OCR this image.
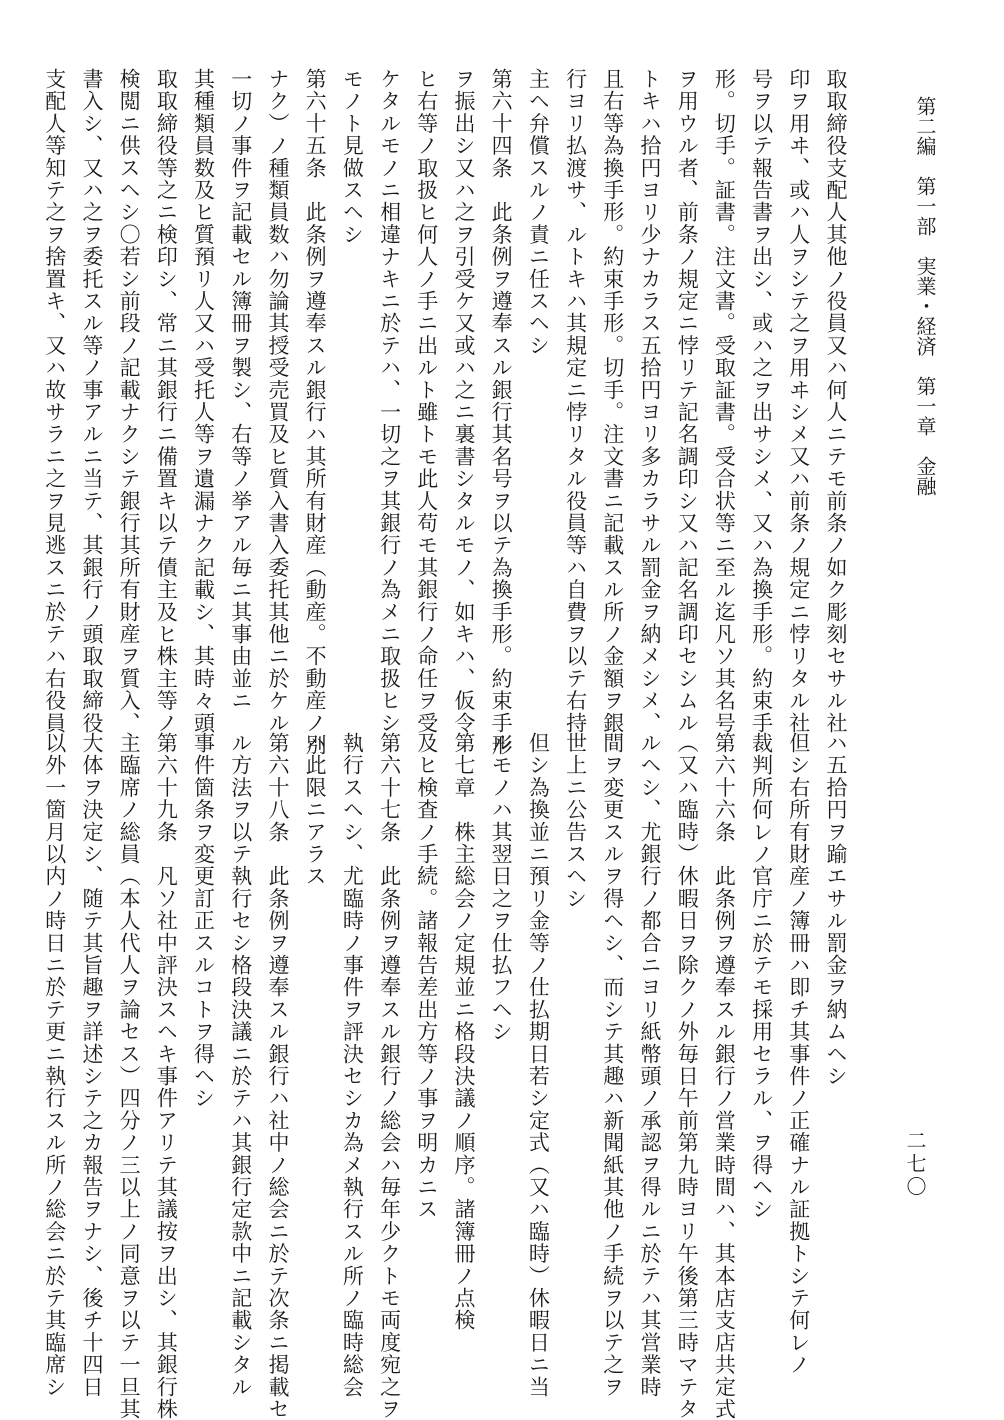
第二編　第一部　実業・経済　第一章　金融
二七〇
取取締役支配人其他ノ役員又ハ何人ニテモ前条ノ如ク彫刻セサル社
印ヲ用ヰ、或ハ人ヲシテ之ヲ用ヰシメ又ハ前条ノ規定ニ悖リタル社
号ヲ以テ報告書ヲ出シ、或ハ之ヲ出サシメ、又ハ為換手形。約束手
形。切手。証書。注文書。受取証書。受合状等ニ至ル迄凡ソ其名号
ヲ用ウル者、前条ノ規定ニ悖リテ記名調印シ又ハ記名調印セシムル
トキハ拾円ヨリ少ナカラス五拾円ヨリ多カラサル罰金ヲ納メシメ、
且右等為換手形。約束手形。切手。注文書ニ記載スル所ノ金額ヲ銀
行ヨリ払渡サ、ルトキハ其規定ニ悖リタル役員等ハ自費ヲ以テ右持
主ヘ弁償スルノ責ニ任スヘシ
第六十四条　此条例ヲ遵奉スル銀行其名号ヲ以テ為換手形。約束手形
ヲ振出シ又ハ之ヲ引受ケ又或ハ之ニ裏書シタルモノ、如キハ、仮令
ヒ右等ノ取扱ヒ何人ノ手ニ出ルト雖トモ此人苟モ其銀行ノ命任ヲ受
ケタルモノニ相違ナキニ於テハ、一切之ヲ其銀行ノ為メニ取扱ヒシ
モノト見做スヘシ
第六十五条　此条例ヲ遵奉スル銀行ハ其所有財産（動産。不動産ノ別
ナク）ノ種類員数ハ勿論其授受売買及ヒ質入書入委托其他ニ於ケル
一切ノ事件ヲ記載セル簿冊ヲ製シ、右等ノ挙アル毎ニ其事由並ニ
其種類員数及ヒ質預リ人又ハ受托人等ヲ遺漏ナク記載シ、其時々頭
取取締役等之ニ検印シ、常ニ其銀行ニ備置キ以テ債主及ヒ株主等ノ
検閲ニ供スヘシ〇若シ前段ノ記載ナクシテ銀行其所有財産ヲ質入、
書入シ、又ハ之ヲ委托スル等ノ事アルニ当テ、其銀行ノ頭取取締役
支配人等知テ之ヲ捨置キ、又ハ故サラニ之ヲ見逃スニ於テハ右役員
ハ五拾円ヲ踰エサル罰金ヲ納ムヘシ
但シ右所有財産ノ簿冊ハ即チ其事件ノ正確ナル証拠トシテ何レノ
裁判所何レノ官庁ニ於テモ採用セラル、ヲ得ヘシ
第六十六条　此条例ヲ遵奉スル銀行ノ営業時間ハ、其本店支店共定式
（又ハ臨時）休暇日ヲ除クノ外毎日午前第九時ヨリ午後第三時マテタ
ルヘシ、尤銀行ノ都合ニヨリ紙幣頭ノ承認ヲ得ルニ於テハ其営業時
間ヲ変更スルヲ得ヘシ、而シテ其趣ハ新聞紙其他ノ手続ヲ以テ之ヲ
世上ニ公告スヘシ
但シ為換並ニ預リ金等ノ仕払期日若シ定式（又ハ臨時）休暇日ニ当
ルモノハ其翌日之ヲ仕払フヘシ
第七章　株主総会ノ定規並ニ格段決議ノ順序。諸簿冊ノ点検
及ヒ検査ノ手続。諸報告差出方等ノ事ヲ明カニス
第六十七条　此条例ヲ遵奉スル銀行ノ総会ハ毎年少クトモ両度宛之ヲ
執行スヘシ、尤臨時ノ事件ヲ評決セシカ為メ執行スル所ノ臨時総会
ハ此限ニアラス
第六十八条　此条例ヲ遵奉スル銀行ハ社中ノ総会ニ於テ次条ニ掲載セ
ル方法ヲ以テ執行セシ格段決議ニ於テハ其銀行定款中ニ記載シタル
事件箇条ヲ変更訂正スルコトヲ得ヘシ
第六十九条　凡ソ社中評決スヘキ事件アリテ其議按ヲ出シ、其銀行株
主臨席ノ総員（本人代人ヲ論セス）四分ノ三以上ノ同意ヲ以テ一旦其
大体ヲ決定シ、随テ其旨趣ヲ詳述シテ之カ報告ヲナシ、後チ十四日
以外一箇月以内ノ時日ニ於テ更ニ執行スル所ノ総会ニ於テ其臨席シ
